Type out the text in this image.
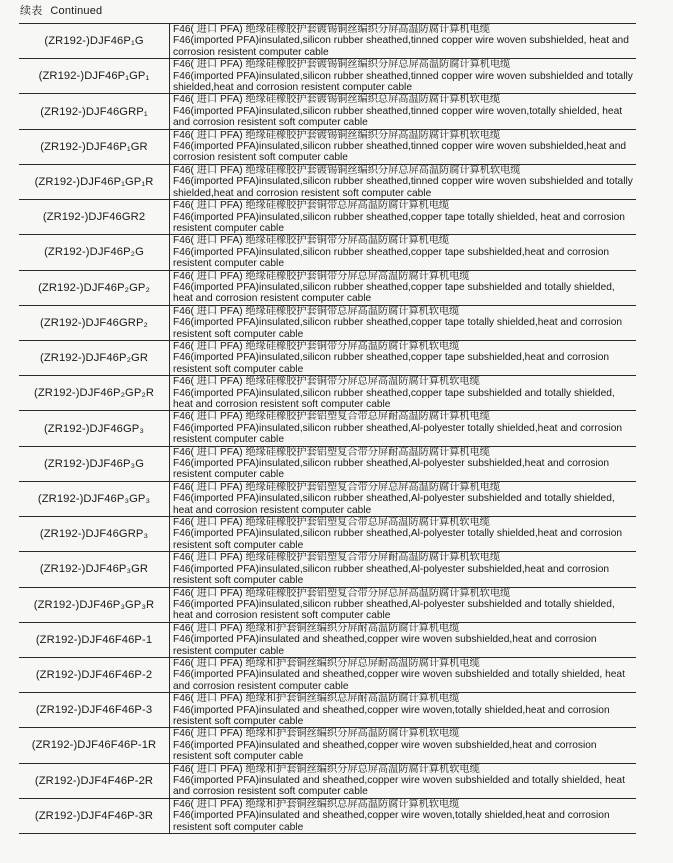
续表 Continued
(ZR192-)DJF46P₁G	F46( 进口 PFA) 绝缘硅橡胶护套镀锡铜丝编织分屏高温防腐计算机电缆
F46(imported PFA)insulated,silicon rubber sheathed,tinned copper wire woven subshielded, heat and corrosion resistent computer cable

(ZR192-)DJF46P₁GP₁	F46( 进口 PFA) 绝缘硅橡胶护套镀锡铜丝编织分屏总屏高温防腐计算机电缆
F46(imported PFA)insulated,silicon rubber sheathed,tinned copper wire woven subshielded and totally shielded,heat and corrosion resistent computer cable

(ZR192-)DJF46GRP₁	F46( 进口 PFA) 绝缘硅橡胶护套镀锡铜丝编织总屏高温防腐计算机软电缆
F46(imported PFA)insulated,silicon rubber sheathed,tinned copper wire woven,totally shielded, heat and corrosion resistent soft computer cable

(ZR192-)DJF46P₁GR	F46( 进口 PFA) 绝缘硅橡胶护套镀锡铜丝编织分屏高温防腐计算机软电缆
F46(imported PFA)insulated,silicon rubber sheathed,tinned copper wire woven subshielded,heat and corrosion resistent soft computer cable

(ZR192-)DJF46P₁GP₁R	F46( 进口 PFA) 绝缘硅橡胶护套镀锡铜丝编织分屏总屏高温防腐计算机软电缆
F46(imported PFA)insulated,silicon rubber sheathed,tinned copper wire woven subshielded and totally shielded,heat and corrosion resistent soft computer cable

(ZR192-)DJF46GR2	F46( 进口 PFA) 绝缘硅橡胶护套铜带总屏高温防腐计算机电缆
F46(imported PFA)insulated,silicon rubber sheathed,copper tape totally shielded, heat and corrosion resistent computer cable

(ZR192-)DJF46P₂G	F46( 进口 PFA) 绝缘硅橡胶护套铜带分屏高温防腐计算机电缆
F46(imported PFA)insulated,silicon rubber sheathed,copper tape subshielded,heat and corrosion resistent computer cable

(ZR192-)DJF46P₂GP₂	F46( 进口 PFA) 绝缘硅橡胶护套铜带分屏总屏高温防腐计算机电缆
F46(imported PFA)insulated,silicon rubber sheathed,copper tape subshielded and totally shielded, heat and corrosion resistent computer cable

(ZR192-)DJF46GRP₂	F46( 进口 PFA) 绝缘硅橡胶护套铜带总屏高温防腐计算机软电缆
F46(imported PFA)insulated,silicon rubber sheathed,copper tape totally shielded,heat and corrosion resistent soft computer cable

(ZR192-)DJF46P₂GR	F46( 进口 PFA) 绝缘硅橡胶护套铜带分屏高温防腐计算机软电缆
F46(imported PFA)insulated,silicon rubber sheathed,copper tape subshielded,heat and corrosion resistent soft computer cable

(ZR192-)DJF46P₂GP₂R	F46( 进口 PFA) 绝缘硅橡胶护套铜带分屏总屏高温防腐计算机软电缆
F46(imported PFA)insulated,silicon rubber sheathed,copper tape subshielded and totally shielded, heat and corrosion resistent soft computer cable

(ZR192-)DJF46GP₃	F46( 进口 PFA) 绝缘硅橡胶护套铝塑复合带总屏耐高温防腐计算机电缆
F46(imported PFA)insulated,silicon rubber sheathed,Al-polyester totally shielded,heat and corrosion resistent computer cable

(ZR192-)DJF46P₃G	F46( 进口 PFA) 绝缘硅橡胶护套铝塑复合带分屏耐高温防腐计算机电缆
F46(imported PFA)insulated,silicon rubber sheathed,Al-polyester subshielded,heat and corrosion resistent computer cable

(ZR192-)DJF46P₃GP₃	F46( 进口 PFA) 绝缘硅橡胶护套铝塑复合带分屏总屏高温防腐计算机电缆
F46(imported PFA)insulated,silicon rubber sheathed,Al-polyester subshielded and totally shielded, heat and corrosion resistent computer cable

(ZR192-)DJF46GRP₃	F46( 进口 PFA) 绝缘硅橡胶护套铝塑复合带总屏高温防腐计算机软电缆
F46(imported PFA)insulated,silicon rubber sheathed,Al-polyester totally shielded,heat and corrosion resistent soft computer cable

(ZR192-)DJF46P₃GR	F46( 进口 PFA) 绝缘硅橡胶护套铝塑复合带分屏耐高温防腐计算机软电缆
F46(imported PFA)insulated,silicon rubber sheathed,Al-polyester subshielded,heat and corrosion resistent soft computer cable

(ZR192-)DJF46P₃GP₃R	F46( 进口 PFA) 绝缘硅橡胶护套铝塑复合带分屏总屏高温防腐计算机软电缆
F46(imported PFA)insulated,silicon rubber sheathed,Al-polyester subshielded and totally shielded, heat and corrosion resistent soft computer cable

(ZR192-)DJF46F46P-1	F46( 进口 PFA) 绝缘和护套铜丝编织分屏耐高温防腐计算机电缆
F46(imported PFA)insulated and sheathed,copper wire woven subshielded,heat and corrosion resistent computer cable

(ZR192-)DJF46F46P-2	F46( 进口 PFA) 绝缘和护套铜丝编织分屏总屏耐高温防腐计算机电缆
F46(imported PFA)insulated and sheathed,copper wire woven subshielded and totally shielded, heat and corrosion resistent computer cable

(ZR192-)DJF46F46P-3	F46( 进口 PFA) 绝缘和护套铜丝编织总屏耐高温防腐计算机电缆
F46(imported PFA)insulated and sheathed,copper wire woven,totally shielded,heat and corrosion resistent soft computer cable

(ZR192-)DJF46F46P-1R	F46( 进口 PFA) 绝缘和护套铜丝编织分屏高温防腐计算机软电缆
F46(imported PFA)insulated and sheathed,copper wire woven subshielded,heat and corrosion resistent soft computer cable

(ZR192-)DJF4F46P-2R	F46( 进口 PFA) 绝缘和护套铜丝编织分屏总屏高温防腐计算机软电缆
F46(imported PFA)insulated and sheathed,copper wire woven subshielded and totally shielded, heat and corrosion resistent soft computer cable

(ZR192-)DJF4F46P-3R	F46( 进口 PFA) 绝缘和护套铜丝编织总屏高温防腐计算机软电缆
F46(imported PFA)insulated and sheathed,copper wire woven,totally shielded,heat and corrosion resistent soft computer cable
